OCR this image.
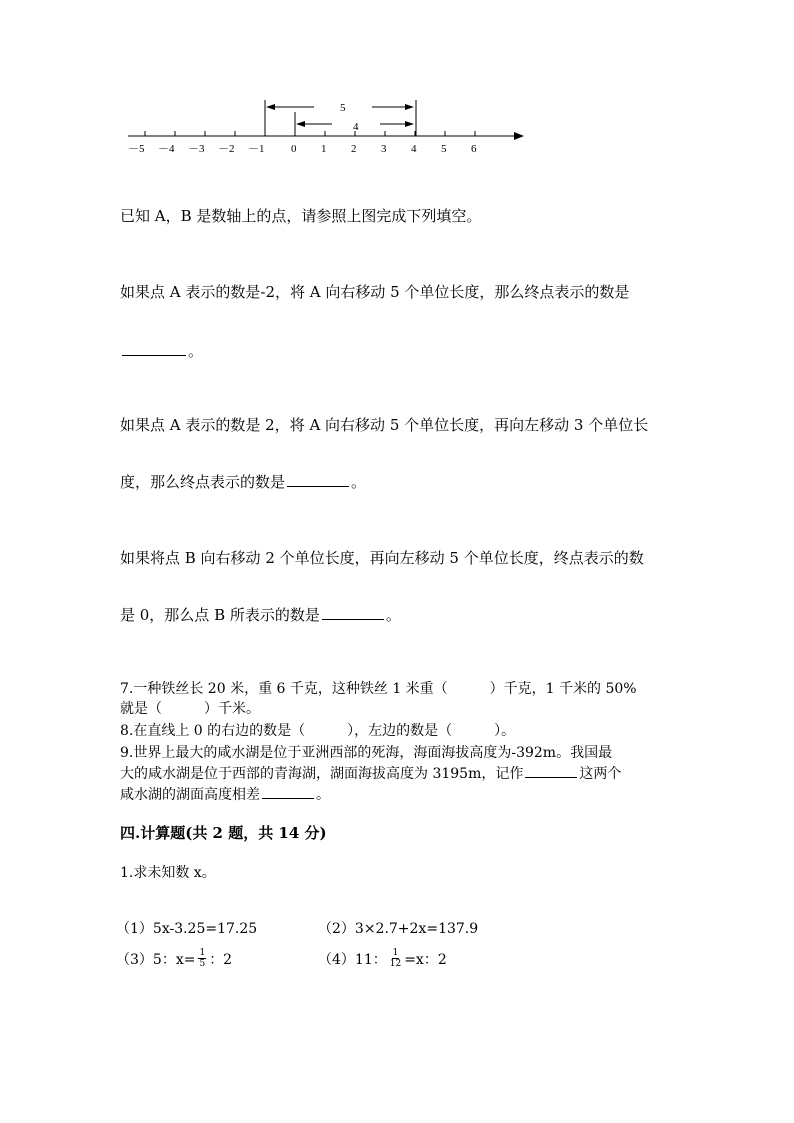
－5 －4 －3 －2 －1 0 1 2 3 4 5 6
5
4
已知 A，B 是数轴上的点，请参照上图完成下列填空。
如果点 A 表示的数是-2，将 A 向右移动 5 个单位长度，那么终点表示的数是
。
如果点 A 表示的数是 2，将 A 向右移动 5 个单位长度，再向左移动 3 个单位长
度，那么终点表示的数是	。
如果将点 B 向右移动 2 个单位长度，再向左移动 5 个单位长度，终点表示的数
是 0，那么点 B 所表示的数是	。
7.一种铁丝长 20 米，重 6 千克，这种铁丝 1 米重（　　　）千克，1 千米的 50%
就是（　　　）千米。
8.在直线上 0 的右边的数是（　　　），左边的数是（　　　）。
9.世界上最大的咸水湖是位于亚洲西部的死海，海面海拔高度为-392m。我国最
大的咸水湖是位于西部的青海湖，湖面海拔高度为 3195m，记作	这两个
咸水湖的湖面高度相差	。
四.计算题(共 2 题，共 14 分)
1.求未知数 x。
（1）5x-3.25=17.25	（2）3×2.7+2x=137.9
（3）5：$x= \frac{1}{5}$ ：2	（4）11： $\frac{1}{12} =x$：2
